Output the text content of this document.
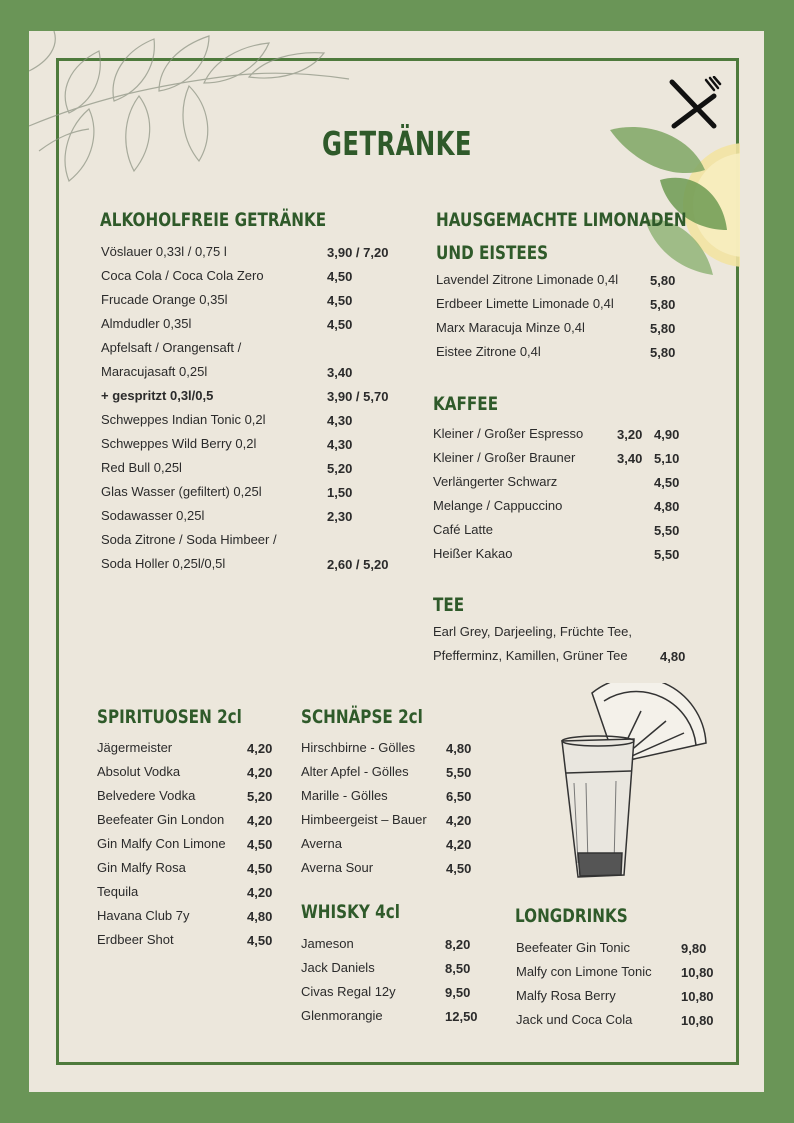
GETRÄNKE
ALKOHOLFREIE GETRÄNKE	HAUSGEMACHTE LIMONADEN
UND EISTEES
KAFFEE
TEE
SPIRITUOSEN 2cl	SCHNÄPSE 2cl
WHISKY 4cl	LONGDRINKS
Vöslauer 0,33l / 0,75 l	3,90 / 7,20
Coca Cola / Coca Cola Zero	4,50
Frucade Orange 0,35l	4,50
Almdudler 0,35l	4,50
Apfelsaft / Orangensaft /
Maracujasaft 0,25l	3,40
+ gespritzt 0,3l/0,5	3,90 / 5,70
Schweppes Indian Tonic 0,2l	4,30
Schweppes Wild Berry 0,2l	4,30
Red Bull 0,25l	5,20
Glas Wasser (gefiltert) 0,25l	1,50
Sodawasser 0,25l	2,30
Soda Zitrone / Soda Himbeer /
Soda Holler 0,25l/0,5l	2,60 / 5,20
Lavendel Zitrone Limonade 0,4l 5,80
Erdbeer Limette Limonade 0,4l	5,80
Marx Maracuja Minze 0,4l	5,80
Eistee Zitrone 0,4l	5,80
Kleiner / Großer Espresso	3,20 4,90
Kleiner / Großer Brauner	3,40 5,10
Verlängerter Schwarz	4,50
Melange / Cappuccino	4,80
Café Latte	5,50
Heißer Kakao	5,50
Earl Grey, Darjeeling, Früchte Tee,
Pfefferminz, Kamillen, Grüner Tee 4,80
Jägermeister	4,20
Absolut Vodka	4,20
Belvedere Vodka	5,20
Beefeater Gin London 4,20
Gin Malfy Con Limone 4,50
Gin Malfy Rosa	4,50
Tequila	4,20
Havana Club 7y	4,80
Erdbeer Shot	4,50
Hirschbirne - Gölles 4,80
Alter Apfel - Gölles	5,50
Marille - Gölles	6,50
Himbeergeist – Bauer 4,20
Averna	4,20
Averna Sour	4,50
Jameson	8,20
Jack Daniels	8,50
Civas Regal 12y	9,50
Glenmorangie	12,50
Beefeater Gin Tonic	9,80
Malfy con Limone Tonic 10,80
Malfy Rosa Berry	10,80
Jack und Coca Cola	10,80
